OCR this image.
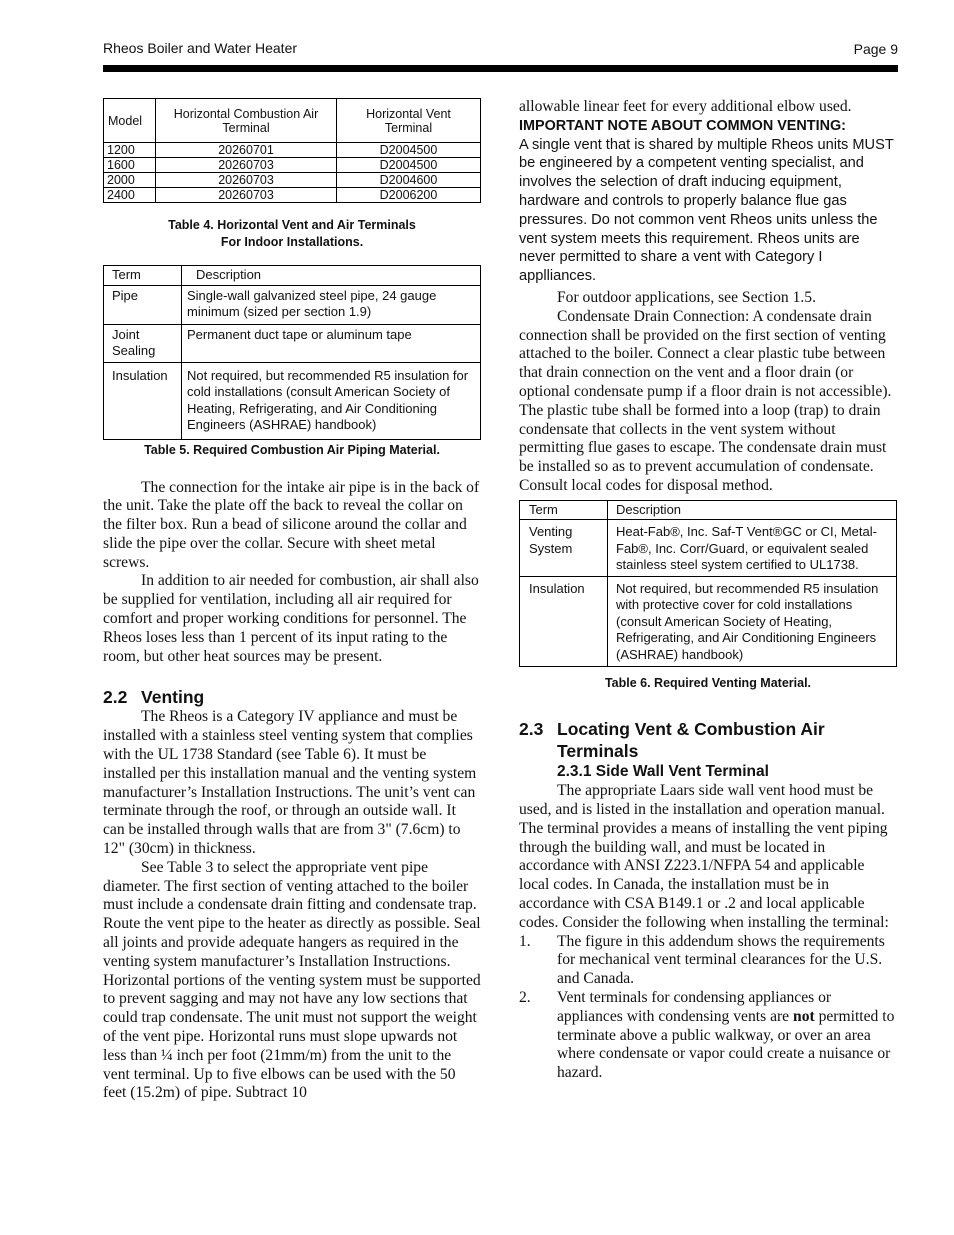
Rheos Boiler and Water Heater	Page 9
Model	Horizontal Combustion Air Terminal	Horizontal Vent Terminal
1200	20260701	D2004500
1600	20260703	D2004500
2000	20260703	D2004600
2400	20260703	D2006200
Table 4. Horizontal Vent and Air Terminals
For Indoor Installations.
Term	Description
Pipe	Single-wall galvanized steel pipe, 24 gauge minimum (sized per section 1.9)
Joint Sealing	Permanent duct tape or aluminum tape
Insulation	Not required, but recommended R5 insulation for cold installations (consult American Society of Heating, Refrigerating, and Air Conditioning Engineers (ASHRAE) handbook)
Table 5. Required Combustion Air Piping Material.

The connection for the intake air pipe is in the back of the unit. Take the plate off the back to reveal the collar on the filter box. Run a bead of silicone around the collar and slide the pipe over the collar. Secure with sheet metal screws.

In addition to air needed for combustion, air shall also be supplied for ventilation, including all air required for comfort and proper working conditions for personnel. The Rheos loses less than 1 percent of its input rating to the room, but other heat sources may be present.

2.2 Venting

The Rheos is a Category IV appliance and must be installed with a stainless steel venting system that complies with the UL 1738 Standard (see Table 6). It must be installed per this installation manual and the venting system manufacturer’s Installation Instructions. The unit’s vent can terminate through the roof, or through an outside wall. It can be installed through walls that are from 3" (7.6cm) to 12" (30cm) in thickness.

See Table 3 to select the appropriate vent pipe diameter. The first section of venting attached to the boiler must include a condensate drain fitting and condensate trap. Route the vent pipe to the heater as directly as possible. Seal all joints and provide adequate hangers as required in the venting system manufacturer’s Installation Instructions. Horizontal portions of the venting system must be supported to prevent sagging and may not have any low sections that could trap condensate. The unit must not support the weight of the vent pipe. Horizontal runs must slope upwards not less than ¼ inch per foot (21mm/m) from the unit to the vent terminal. Up to five elbows can be used with the 50 feet (15.2m) of pipe. Subtract 10

allowable linear feet for every additional elbow used.

IMPORTANT NOTE ABOUT COMMON VENTING:

A single vent that is shared by multiple Rheos units MUST be engineered by a competent venting specialist, and involves the selection of draft inducing equipment, hardware and controls to properly balance flue gas pressures. Do not common vent Rheos units unless the vent system meets this requirement. Rheos units are never permitted to share a vent with Category I applliances.

For outdoor applications, see Section 1.5.

Condensate Drain Connection: A condensate drain connection shall be provided on the first section of venting attached to the boiler. Connect a clear plastic tube between that drain connection on the vent and a floor drain (or optional condensate pump if a floor drain is not accessible). The plastic tube shall be formed into a loop (trap) to drain condensate that collects in the vent system without permitting flue gases to escape. The condensate drain must be installed so as to prevent accumulation of condensate. Consult local codes for disposal method.

Term	Description
Venting System	Heat-Fab®, Inc. Saf-T Vent®GC or CI, Metal-Fab®, Inc. Corr/Guard, or equivalent sealed stainless steel system certified to UL1738.
Insulation	Not required, but recommended R5 insulation with protective cover for cold installations (consult American Society of Heating, Refrigerating, and Air Conditioning Engineers (ASHRAE) handbook)
Table 6. Required Venting Material.
2.3 Locating Vent & Combustion Air
Terminals
2.3.1 Side Wall Vent Terminal

The appropriate Laars side wall vent hood must be used, and is listed in the installation and operation manual. The terminal provides a means of installing the vent piping through the building wall, and must be located in accordance with ANSI Z223.1/NFPA 54 and applicable local codes. In Canada, the installation must be in accordance with CSA B149.1 or .2 and local applicable codes. Consider the following when installing the terminal:

1. The figure in this addendum shows the requirements for mechanical vent terminal clearances for the U.S. and Canada.
2. Vent terminals for condensing appliances or appliances with condensing vents are not permitted to terminate above a public walkway, or over an area where condensate or vapor could create a nuisance or hazard.
